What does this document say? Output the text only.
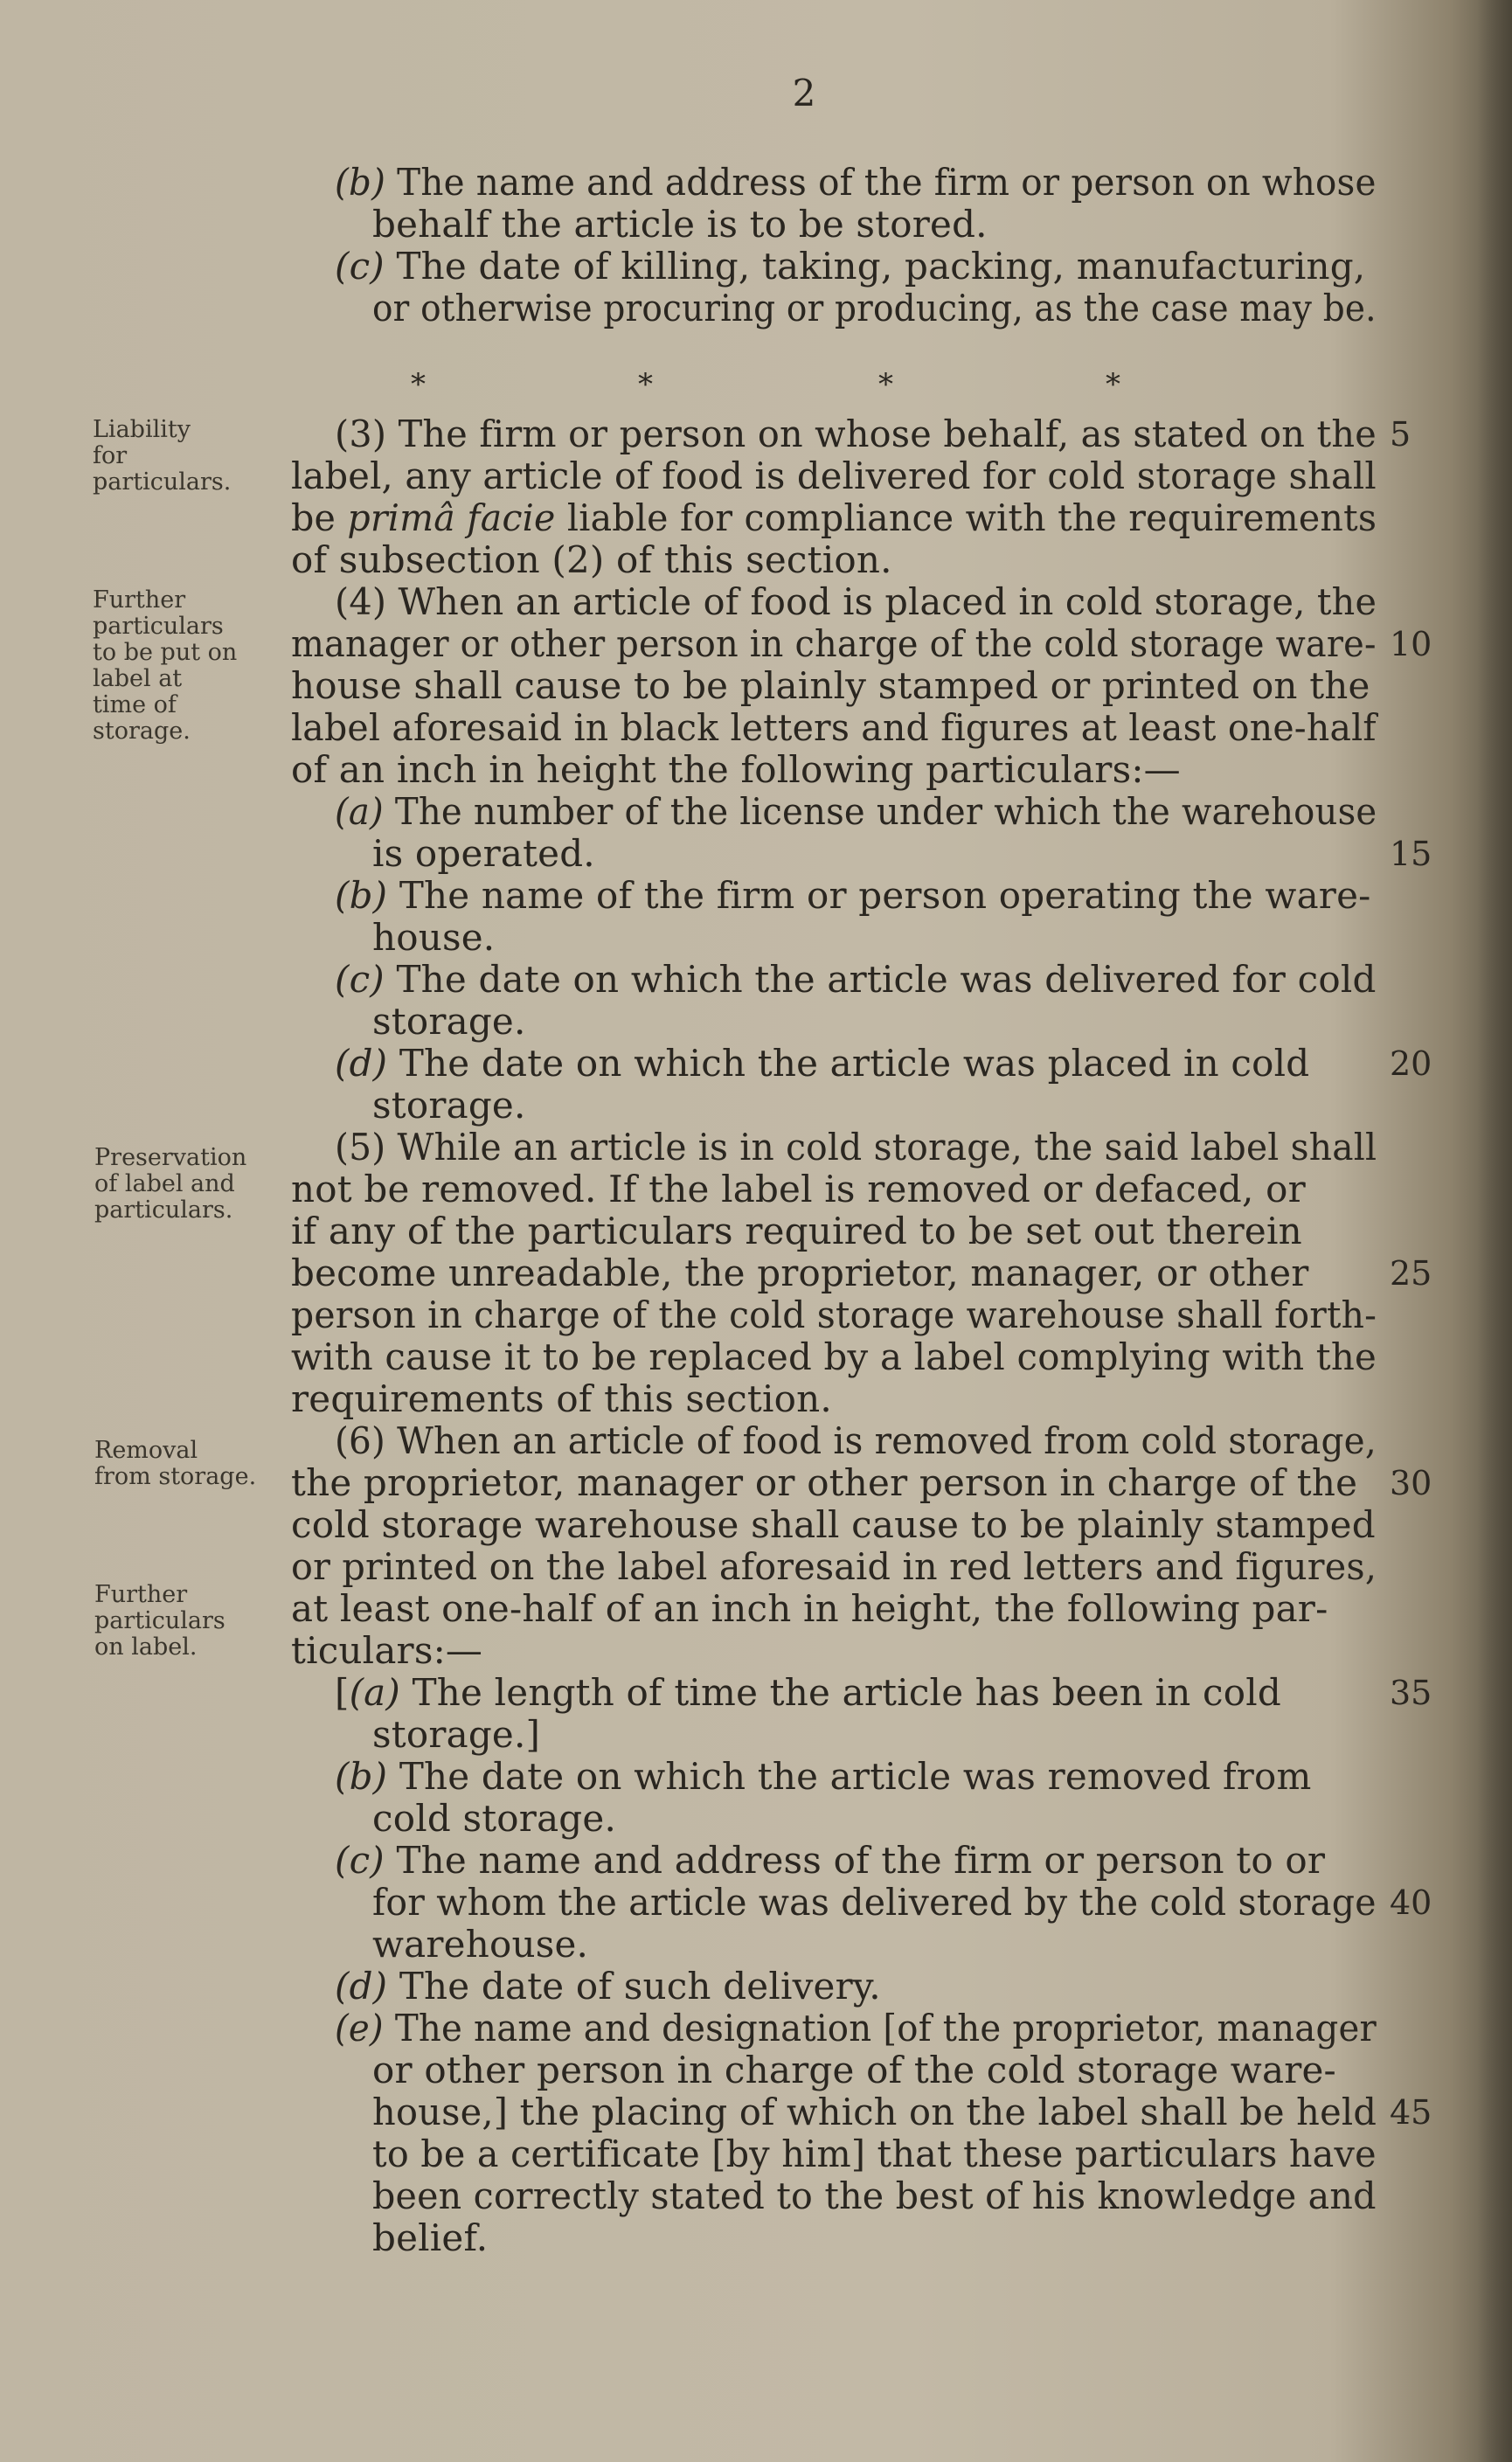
2
(b) The name and address of the firm or person on whose
behalf the article is to be stored.
(c) The date of killing, taking, packing, manufacturing,
or otherwise procuring or producing, as the case may be.
*	*	*	*
Liability
for
particulars.
Further
particulars
to be put on
label at
time of
storage.
Preservation
of label and
particulars.
Removal
from storage.
Further
particulars
on label.
(3) The firm or person on whose behalf, as stated on the
label, any article of food is delivered for cold storage shall
be primâ facie liable for compliance with the requirements
of subsection (2) of this section.
(4) When an article of food is placed in cold storage, the
manager or other person in charge of the cold storage ware-
house shall cause to be plainly stamped or printed on the
label aforesaid in black letters and figures at least one-half
of an inch in height the following particulars:—
(a) The number of the license under which the warehouse
is operated.
(b) The name of the firm or person operating the ware-
house.
(c) The date on which the article was delivered for cold
storage.
(d) The date on which the article was placed in cold
storage.
(5) While an article is in cold storage, the said label shall
not be removed. If the label is removed or defaced, or
if any of the particulars required to be set out therein
become unreadable, the proprietor, manager, or other
person in charge of the cold storage warehouse shall forth-
with cause it to be replaced by a label complying with the
requirements of this section.
(6) When an article of food is removed from cold storage,
the proprietor, manager or other person in charge of the
cold storage warehouse shall cause to be plainly stamped
or printed on the label aforesaid in red letters and figures,
at least one-half of an inch in height, the following par-
ticulars:—
[(a) The length of time the article has been in cold
storage.]
(b) The date on which the article was removed from
cold storage.
(c) The name and address of the firm or person to or
for whom the article was delivered by the cold storage
warehouse.
(d) The date of such delivery.
(e) The name and designation [of the proprietor, manager
or other person in charge of the cold storage ware-
house,] the placing of which on the label shall be held
to be a certificate [by him] that these particulars have
been correctly stated to the best of his knowledge and
belief.
5
10
15
20
25
30
35
40
45
